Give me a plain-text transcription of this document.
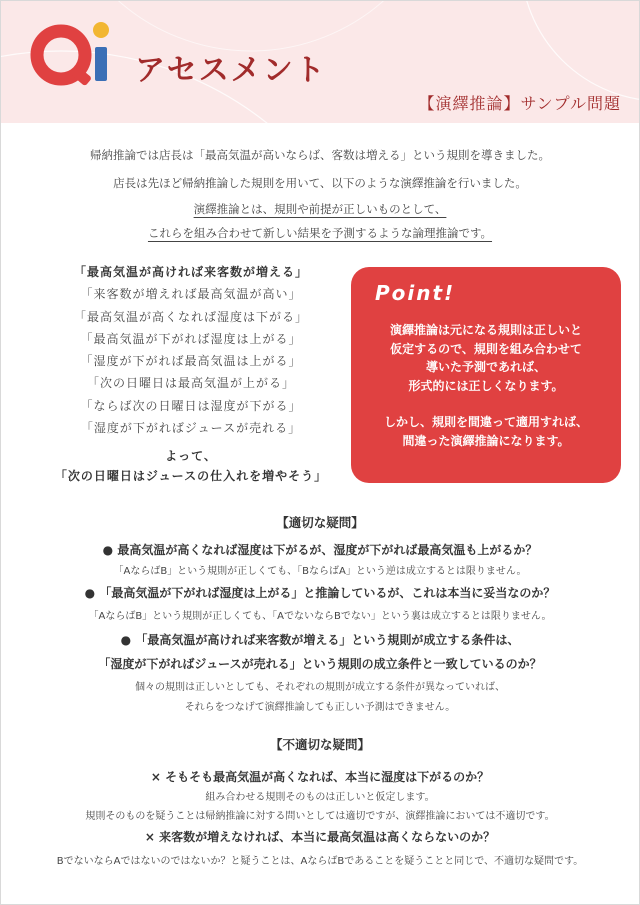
アセスメント
【演繹推論】サンプル問題

帰納推論では店長は「最高気温が高いならば、客数は増える」という規則を導きました。

店長は先ほど帰納推論した規則を用いて、以下のような演繹推論を行いました。

演繹推論とは、規則や前提が正しいものとして、

これらを組み合わせて新しい結果を予測するような論理推論です。

「最高気温が高ければ来客数が増える」
「来客数が増えれば最高気温が高い」
「最高気温が高くなれば湿度は下がる」
「最高気温が下がれば湿度は上がる」
「湿度が下がれば最高気温は上がる」
「次の日曜日は最高気温が上がる」
「ならば次の日曜日は湿度が下がる」
「湿度が下がればジュースが売れる」
よって、
「次の日曜日はジュースの仕入れを増やそう」
Point!

演繹推論は元になる規則は正しいと

仮定するので、規則を組み合わせて

導いた予測であれば、

形式的には正しくなります。

しかし、規則を間違って適用すれば、

間違った演繹推論になります。

【適切な疑問】
● 最高気温が高くなれば湿度は下がるが、湿度が下がれば最高気温も上がるか？
「AならばB」という規則が正しくても、「BならばA」という逆は成立するとは限りません。
● 「最高気温が下がれば湿度は上がる」と推論しているが、これは本当に妥当なのか？
「AならばB」という規則が正しくても、「AでないならBでない」という裏は成立するとは限りません。
● 「最高気温が高ければ来客数が増える」という規則が成立する条件は、
「湿度が下がればジュースが売れる」という規則の成立条件と一致しているのか？
個々の規則は正しいとしても、それぞれの規則が成立する条件が異なっていれば、
それらをつなげて演繹推論しても正しい予測はできません。
【不適切な疑問】
× そもそも最高気温が高くなれば、本当に湿度は下がるのか？
組み合わせる規則そのものは正しいと仮定します。
規則そのものを疑うことは帰納推論に対する問いとしては適切ですが、演繹推論においては不適切です。
× 来客数が増えなければ、本当に最高気温は高くならないのか？
BでないならAではないのではないか？と疑うことは、AならばBであることを疑うことと同じで、不適切な疑問です。
